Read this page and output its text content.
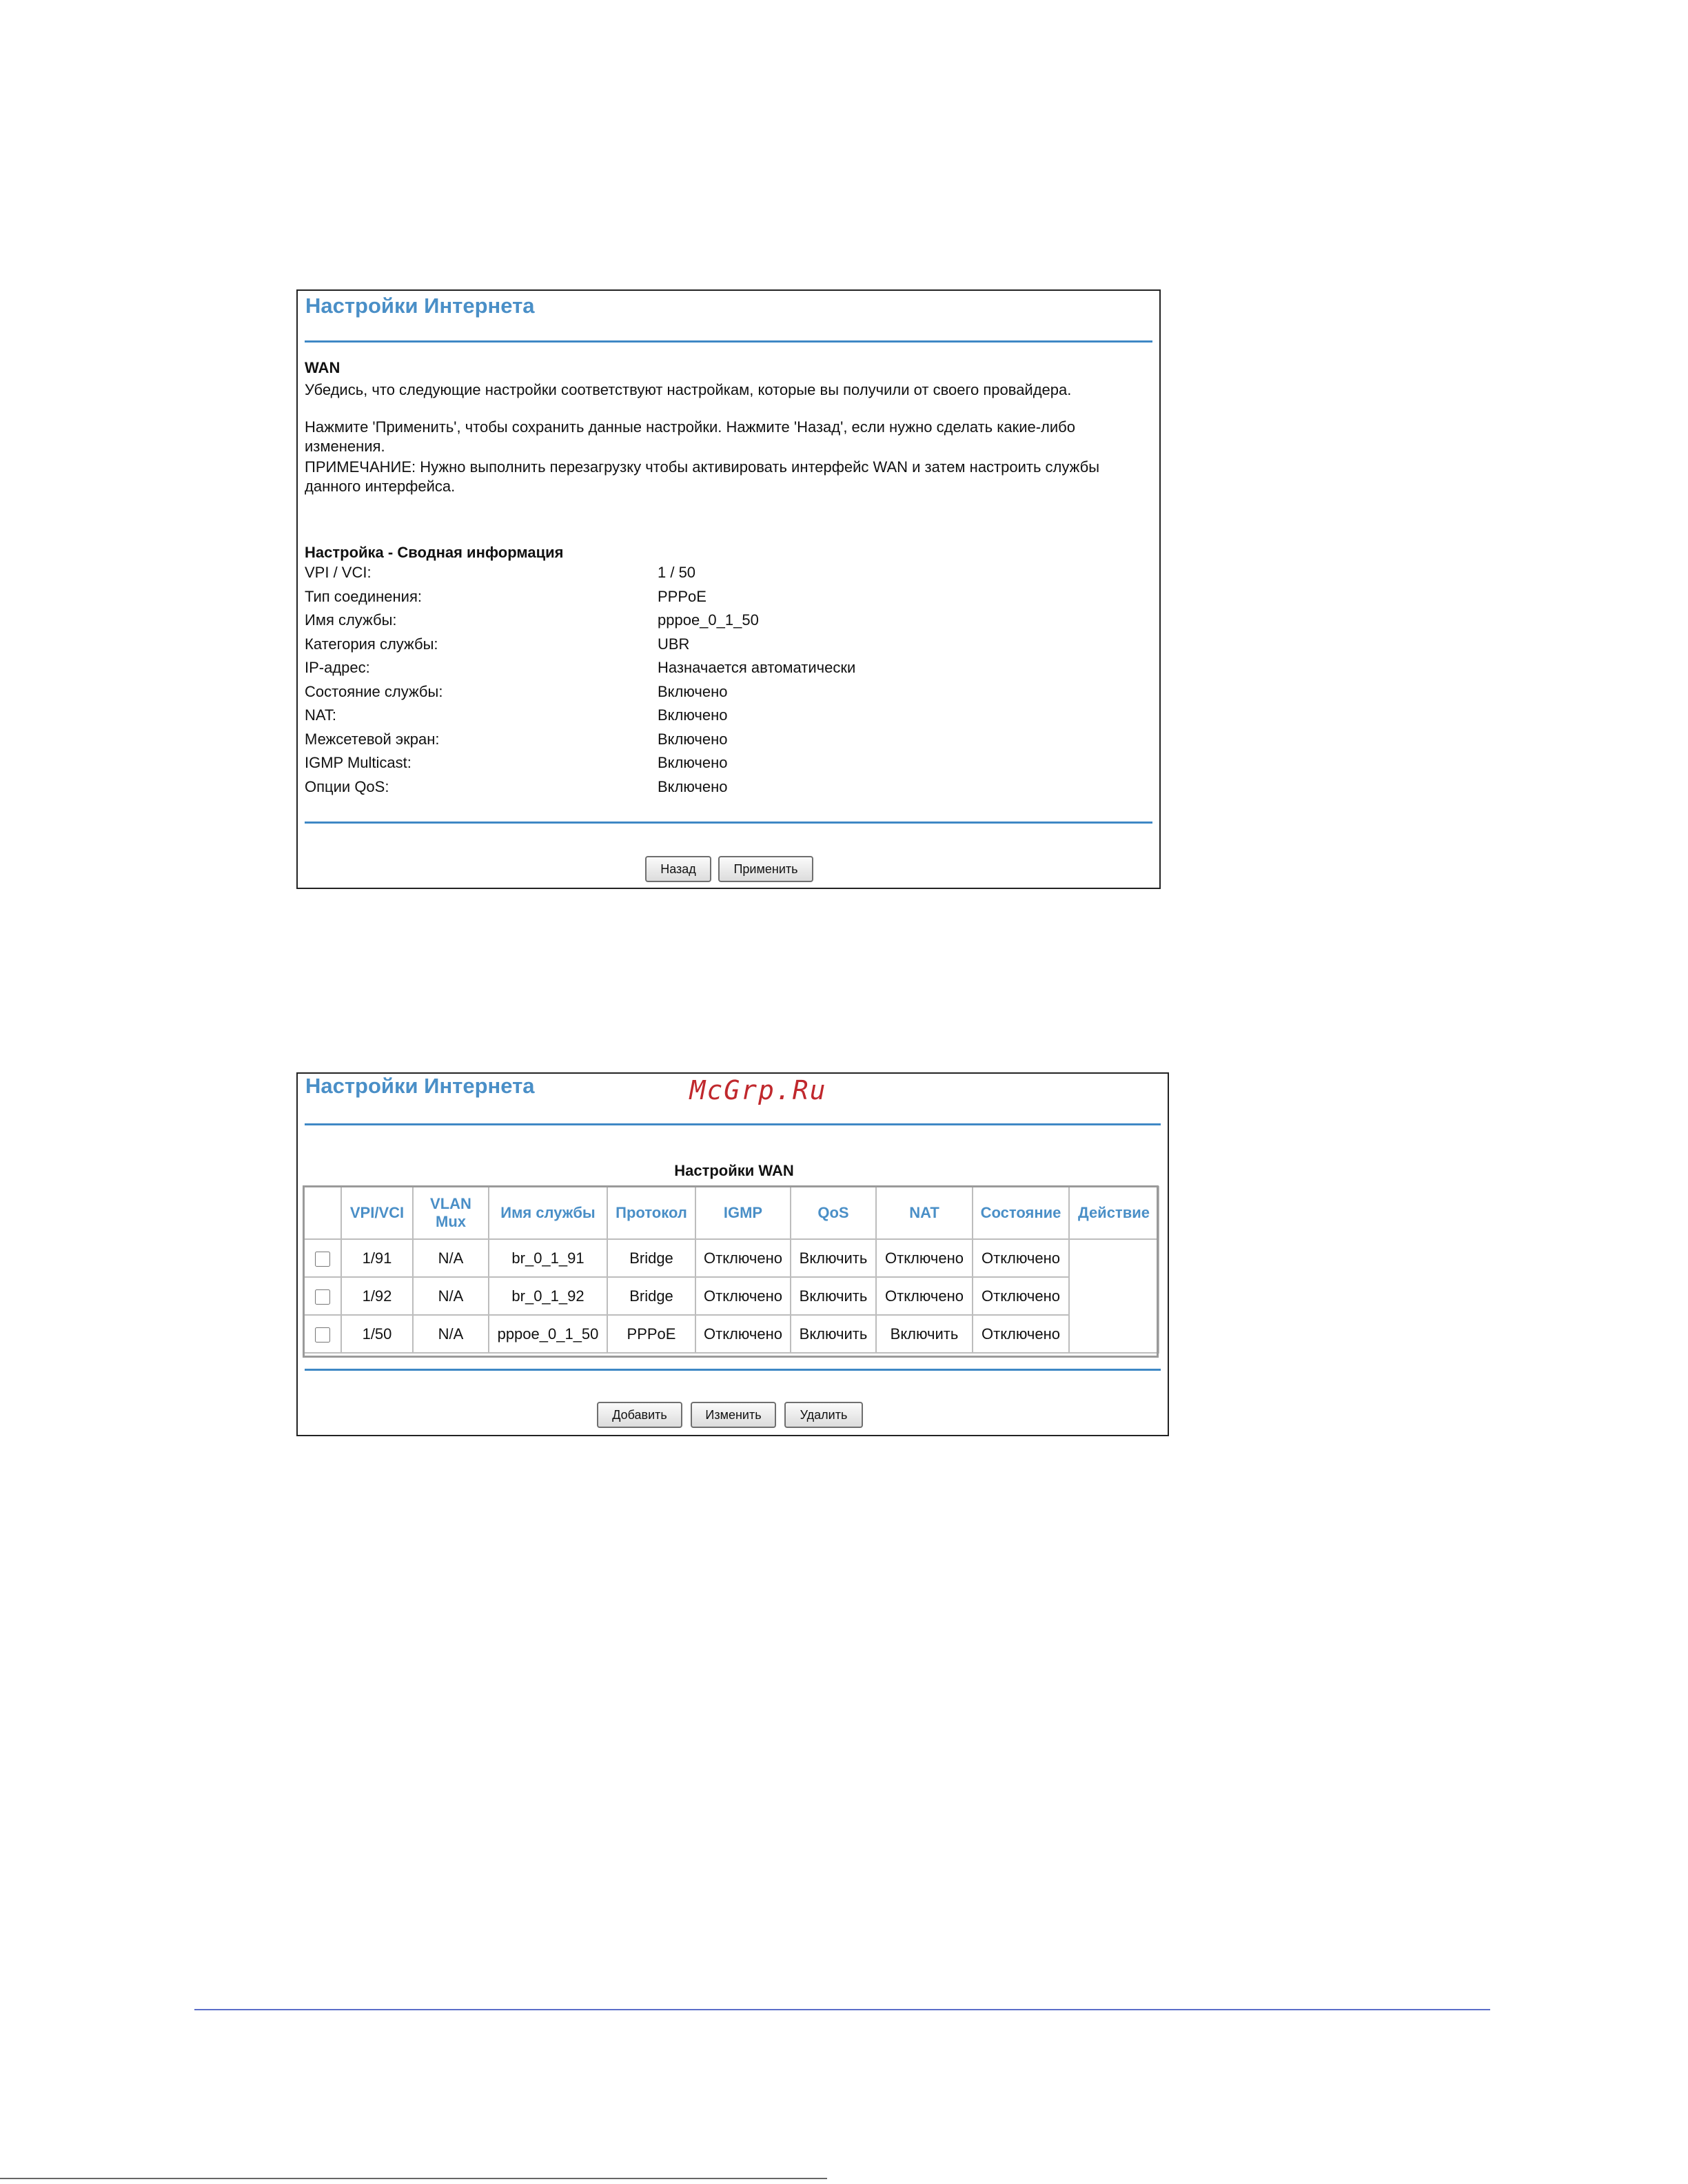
Настройки Интернета
WAN
Убедись, что следующие настройки соответствуют настройкам, которые вы получили от своего провайдера.
Нажмите 'Применить', чтобы сохранить данные настройки. Нажмите 'Назад', если нужно сделать какие-либо изменения.
ПРИМЕЧАНИЕ: Нужно выполнить перезагрузку чтобы активировать интерфейс WAN и затем настроить службы данного интерфейса.
Настройка - Сводная информация
VPI / VCI:	1 / 50
Тип соединения:	PPPoE
Имя службы:	pppoe_0_1_50
Категория службы:	UBR
IP-адрес:	Назначается автоматически
Состояние службы:	Включено
NAT:	Включено
Межсетевой экран:	Включено
IGMP Multicast:	Включено
Опции QoS:	Включено
Назад	Применить
Настройки Интернета
Настройки WAN
	VPI/VCI	VLAN Mux	Имя службы	Протокол	IGMP	QoS	NAT	Состояние	Действие
	1/91	N/A	br_0_1_91	Bridge	Отключено	Включить	Отключено	Отключено	
	1/92	N/A	br_0_1_92	Bridge	Отключено	Включить	Отключено	Отключено	
	1/50	N/A	pppoe_0_1_50	PPPoE	Отключено	Включить	Включить	Отключено	
Добавить	Изменить	Удалить
McGrp.Ru
